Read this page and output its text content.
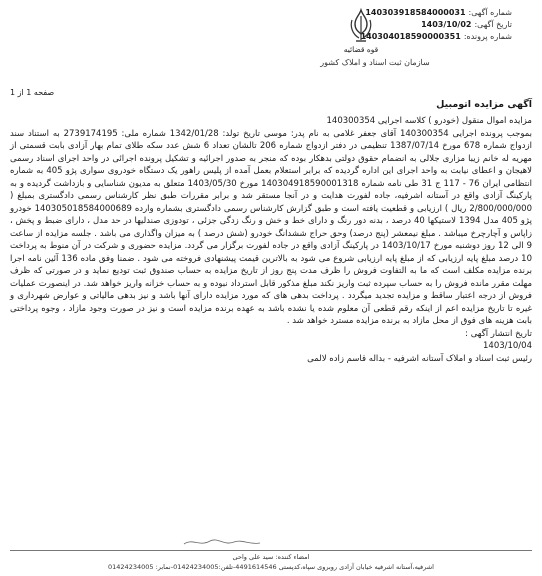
شماره آگهی:
140303918584000031
تاریخ آگهی:
1403/10/02
شماره پرونده:
140304018590000351
قوه قضائیه
سازمان ثبت اسناد و املاک کشور
صفحه 1 از 1
آگهی مزایده اتومبیل

مزایده اموال منقول (خودرو ) کلاسه اجرایی 140300354
بموجب پرونده اجرایی 140300354 آقای جعفر غلامی به نام پدر: موسی تاریخ تولد: 1342/01/28 شماره ملی: 2739174195 به استناد سند ازدواج شماره 678 مورخ 1387/07/14 تنظیمی در دفتر ازدواج شماره 206 تالشان تعداد 6 شش عدد سکه طلای تمام بهار آزادی بابت قسمتی از مهریه له خانم زیبا مزاری جلالی به انضمام حقوق دولتی بدهکار بوده که منجر به صدور اجرائیه و تشکیل پرونده اجرائی در واحد اجرای اسناد رسمی لاهیجان و اعطای نیابت به واحد اجرای این اداره گردیده که برابر استعلام بعمل آمده از پلیس راهور یک دستگاه خودروی سواری پژو 405 به شماره انتظامی ایران 76 - 117 ج 31 طی نامه شماره 140304918590001318 مورخ 1403/05/30 متعلق به مدیون شناسایی و بازداشت گردیده و به پارکینگ آزادی واقع در آستانه اشرفیه، جاده لفورت هدایت و در آنجا مستقر شد و برابر مقررات طبق نظر کارشناس رسمی دادگستری بمبلغ ( 2/800/000/000 ریال ) ارزیابی و قطعیت یافته است و طبق گزارش کارشناس رسمی دادگستری بشماره وارده 140305018584000689 خودرو پژو 405 مدل 1394 لاستیکها 40 درصد ، بدنه دور رنگ و دارای خط و خش و رنگ زدگی جزئی ، تودوزی صندلیها در حد مدل ، دارای ضبط و پخش ، زاپاس و آچارچرخ میباشد . مبلغ نیمعشر (پنج درصد) وحق حراج ششدانگ خودرو (شش درصد ) به میزان واگذاری می باشد . جلسه مزایده از ساعت 9 الی 12 روز دوشنبه مورخ 1403/10/17 در پارکینگ آزادی واقع در جاده لفورت برگزار می گردد. مزایده حضوری و شرکت در آن منوط به پرداخت 10 درصد مبلغ پایه ارزیابی که از مبلغ پایه ارزیابی شروع می شود به بالاترین قیمت پیشنهادی فروخته می شود . ضمنا وفق ماده 136 آئین نامه اجرا برنده مزایده مکلف است که ما به التفاوت فروش را ظرف مدت پنج روز از تاریخ مزایده به حساب صندوق ثبت تودیع نماید و در صورتی که ظرف مهلت مقرر مانده فروش را به حساب سپرده ثبت واریز نکند مبلغ مذکور قابل استرداد نبوده و به حساب خزانه واریز خواهد شد. در اینصورت عملیات فروش از درجه اعتبار ساقط و مزایده تجدید میگردد . پرداخت بدهی های که مورد مزایده دارای آنها باشد و نیز بدهی مالیاتی و عوارض شهرداری و غیره تا تاریخ مزایده اعم از اینکه رقم قطعی آن معلوم شده یا نشده باشد به عهده برنده مزایده است و نیز در صورت وجود مازاد ، وجوه پرداختی بابت هزینه های فوق از محل مازاد به برنده مزایده مسترد خواهد شد .
تاریخ انتشار آگهی :
1403/10/04
رئیس ثبت اسناد و املاک آستانه اشرفیه - بداله قاسم زاده لالمی

امضاء کننده: سید علی واحی
اشرفیه،آستانه اشرفیه خیابان آزادی روبروی سپاه،کدپستی 4491614546-تلفن:01424234005-نمابر: 01424234005
